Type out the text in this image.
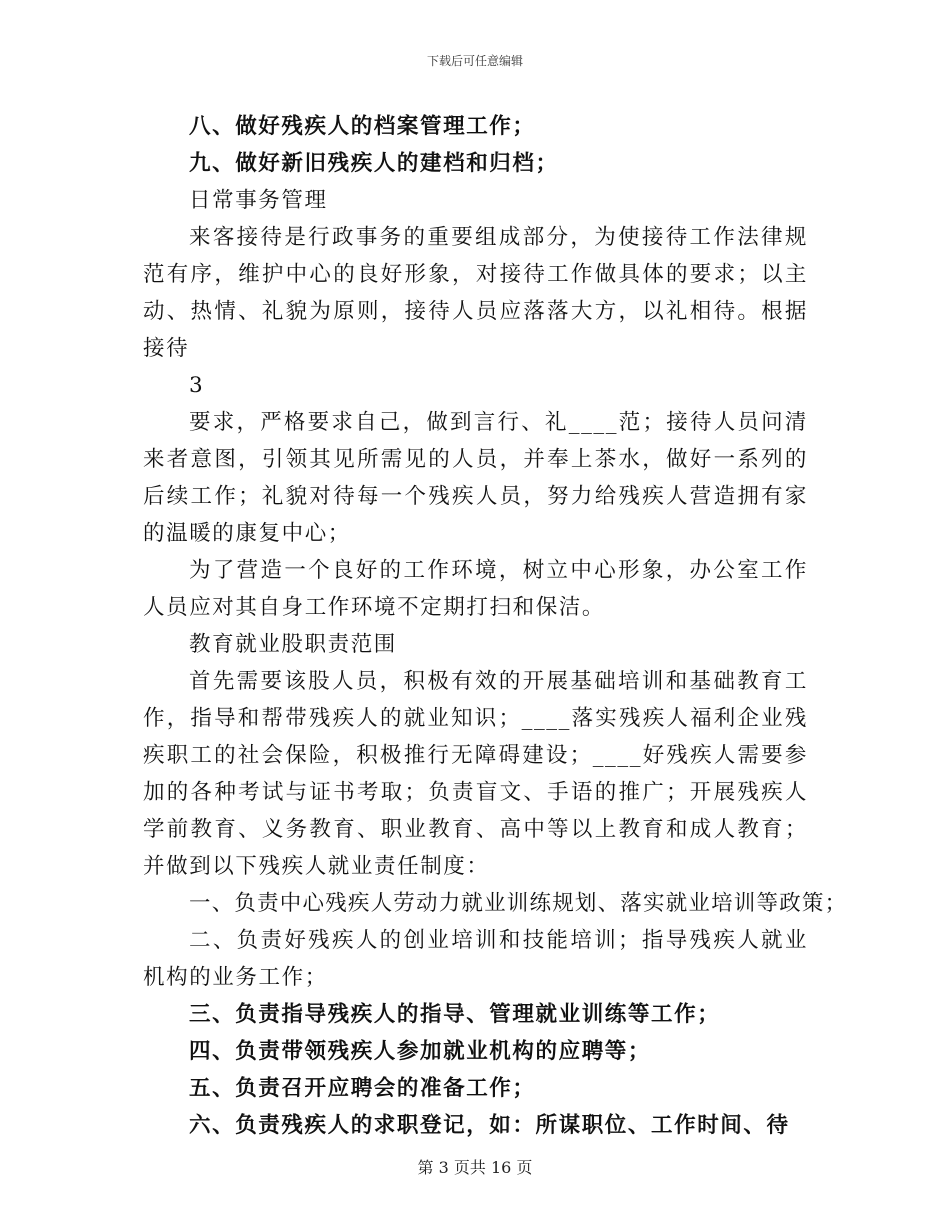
下载后可任意编辑

八、做好残疾人的档案管理工作；

九、做好新旧残疾人的建档和归档；

日常事务管理

来客接待是行政事务的重要组成部分，为使接待工作法律规范有序，维护中心的良好形象，对接待工作做具体的要求；以主动、热情、礼貌为原则，接待人员应落落大方，以礼相待。根据接待

3

要求，严格要求自己，做到言行、礼____范；接待人员问清来者意图，引领其见所需见的人员，并奉上茶水，做好一系列的后续工作；礼貌对待每一个残疾人员，努力给残疾人营造拥有家的温暖的康复中心；

为了营造一个良好的工作环境，树立中心形象，办公室工作人员应对其自身工作环境不定期打扫和保洁。

教育就业股职责范围

首先需要该股人员，积极有效的开展基础培训和基础教育工作，指导和帮带残疾人的就业知识；____落实残疾人福利企业残疾职工的社会保险，积极推行无障碍建设；____好残疾人需要参加的各种考试与证书考取；负责盲文、手语的推广；开展残疾人学前教育、义务教育、职业教育、高中等以上教育和成人教育；并做到以下残疾人就业责任制度：

一、负责中心残疾人劳动力就业训练规划、落实就业培训等政策；

二、负责好残疾人的创业培训和技能培训；指导残疾人就业机构的业务工作；

三、负责指导残疾人的指导、管理就业训练等工作；

四、负责带领残疾人参加就业机构的应聘等；

五、负责召开应聘会的准备工作；

六、负责残疾人的求职登记，如：所谋职位、工作时间、待

第 3 页共 16 页
